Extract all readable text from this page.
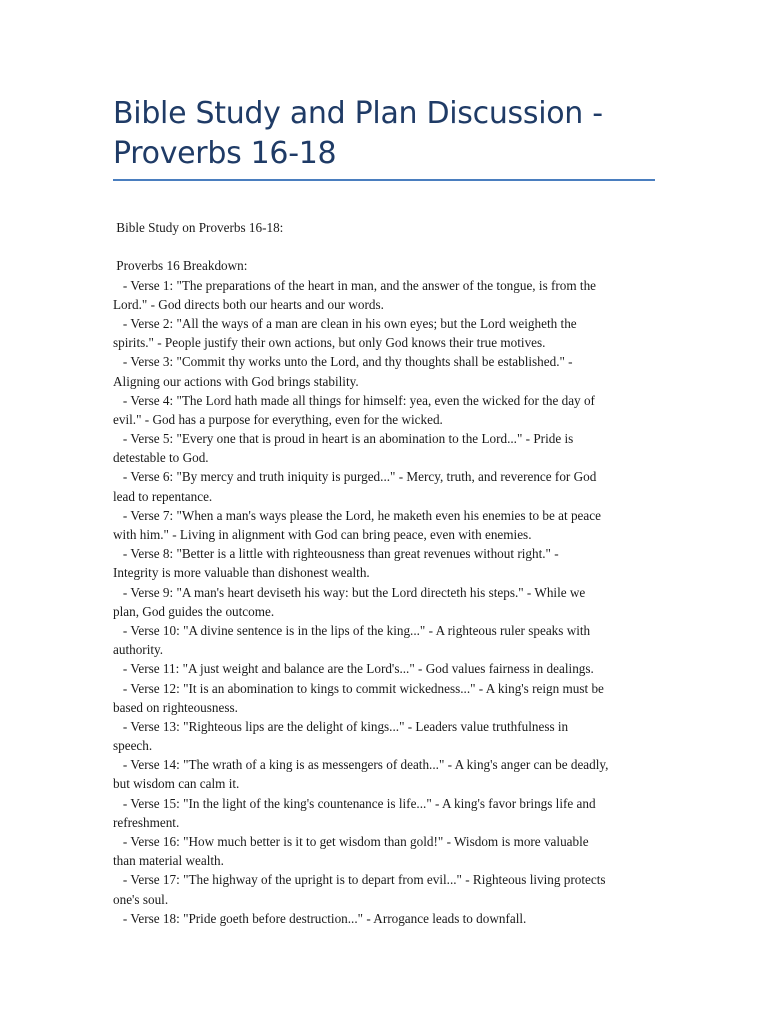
Bible Study and Plan Discussion -
Proverbs 16-18
Bible Study on Proverbs 16-18:
Proverbs 16 Breakdown:
- Verse 1: "The preparations of the heart in man, and the answer of the tongue, is from the
Lord." - God directs both our hearts and our words.
- Verse 2: "All the ways of a man are clean in his own eyes; but the Lord weigheth the
spirits." - People justify their own actions, but only God knows their true motives.
- Verse 3: "Commit thy works unto the Lord, and thy thoughts shall be established." -
Aligning our actions with God brings stability.
- Verse 4: "The Lord hath made all things for himself: yea, even the wicked for the day of
evil." - God has a purpose for everything, even for the wicked.
- Verse 5: "Every one that is proud in heart is an abomination to the Lord..." - Pride is
detestable to God.
- Verse 6: "By mercy and truth iniquity is purged..." - Mercy, truth, and reverence for God
lead to repentance.
- Verse 7: "When a man's ways please the Lord, he maketh even his enemies to be at peace
with him." - Living in alignment with God can bring peace, even with enemies.
- Verse 8: "Better is a little with righteousness than great revenues without right." -
Integrity is more valuable than dishonest wealth.
- Verse 9: "A man's heart deviseth his way: but the Lord directeth his steps." - While we
plan, God guides the outcome.
- Verse 10: "A divine sentence is in the lips of the king..." - A righteous ruler speaks with
authority.
- Verse 11: "A just weight and balance are the Lord's..." - God values fairness in dealings.
- Verse 12: "It is an abomination to kings to commit wickedness..." - A king's reign must be
based on righteousness.
- Verse 13: "Righteous lips are the delight of kings..." - Leaders value truthfulness in
speech.
- Verse 14: "The wrath of a king is as messengers of death..." - A king's anger can be deadly,
but wisdom can calm it.
- Verse 15: "In the light of the king's countenance is life..." - A king's favor brings life and
refreshment.
- Verse 16: "How much better is it to get wisdom than gold!" - Wisdom is more valuable
than material wealth.
- Verse 17: "The highway of the upright is to depart from evil..." - Righteous living protects
one's soul.
- Verse 18: "Pride goeth before destruction..." - Arrogance leads to downfall.
